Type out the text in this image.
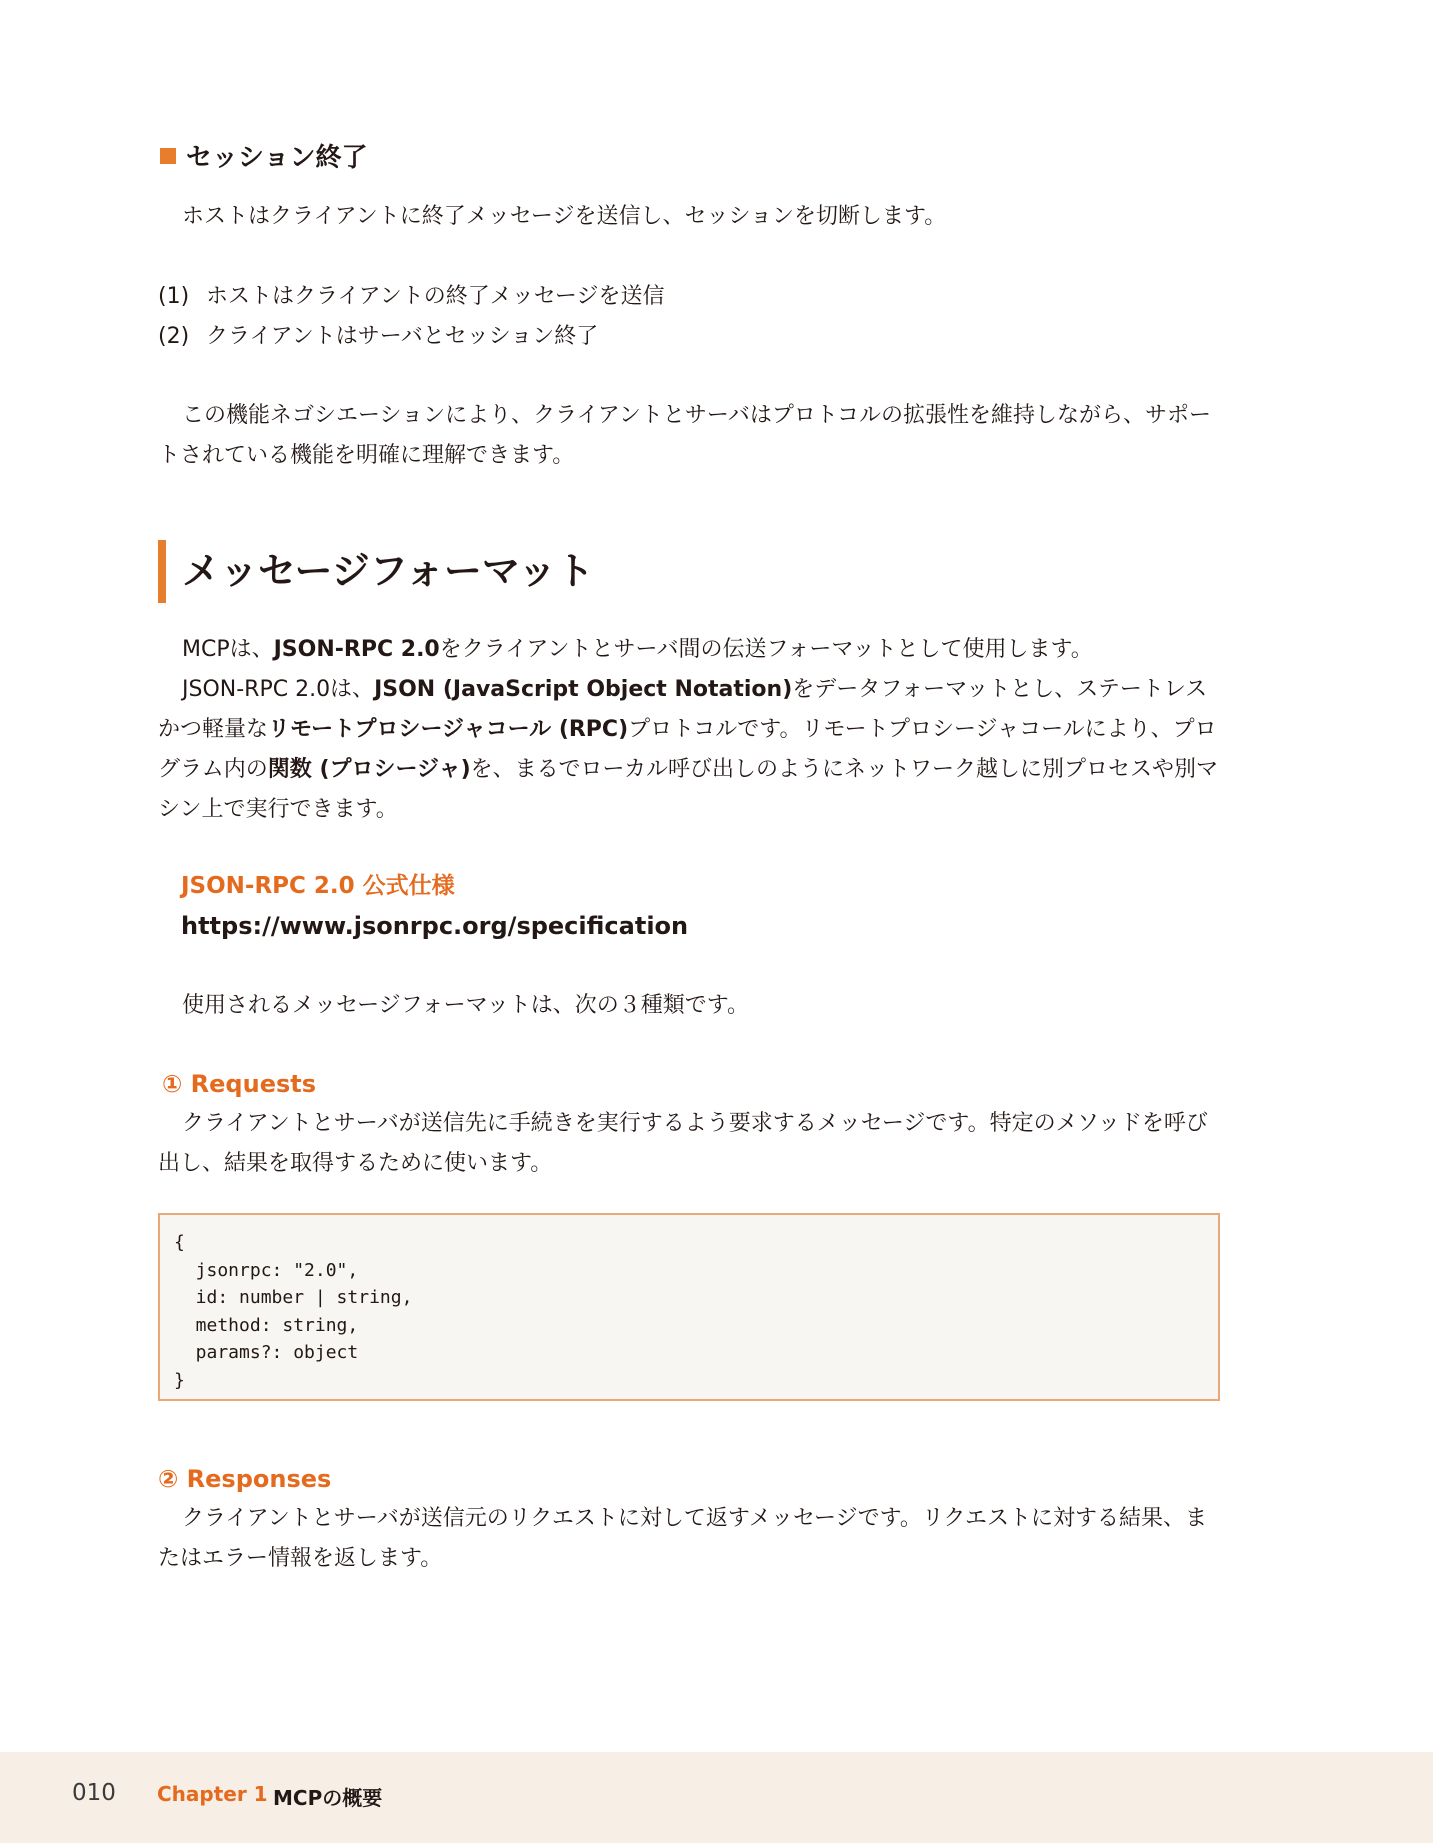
セッション終了

ホストはクライアントに終了メッセージを送信し、セッションを切断します。

(1) ホストはクライアントの終了メッセージを送信

(2) クライアントはサーバとセッション終了

この機能ネゴシエーションにより、クライアントとサーバはプロトコルの拡張性を維持しながら、サポートされている機能を明確に理解できます。

メッセージフォーマット

MCPは、JSON-RPC 2.0をクライアントとサーバ間の伝送フォーマットとして使用します。

JSON-RPC 2.0は、JSON (JavaScript Object Notation)をデータフォーマットとし、ステートレスかつ軽量なリモートプロシージャコール (RPC)プロトコルです。リモートプロシージャコールにより、プログラム内の関数 (プロシージャ)を、まるでローカル呼び出しのようにネットワーク越しに別プロセスや別マシン上で実行できます。

JSON-RPC 2.0 公式仕様
https://www.jsonrpc.org/specification

使用されるメッセージフォーマットは、次の３種類です。

① Requests

クライアントとサーバが送信先に手続きを実行するよう要求するメッセージです。特定のメソッドを呼び出し、結果を取得するために使います。

{
jsonrpc: "2.0",
id: number | string,
method: string,
params?: object
}
② Responses

クライアントとサーバが送信元のリクエストに対して返すメッセージです。リクエストに対する結果、またはエラー情報を返します。

010 Chapter 1 MCPの概要
